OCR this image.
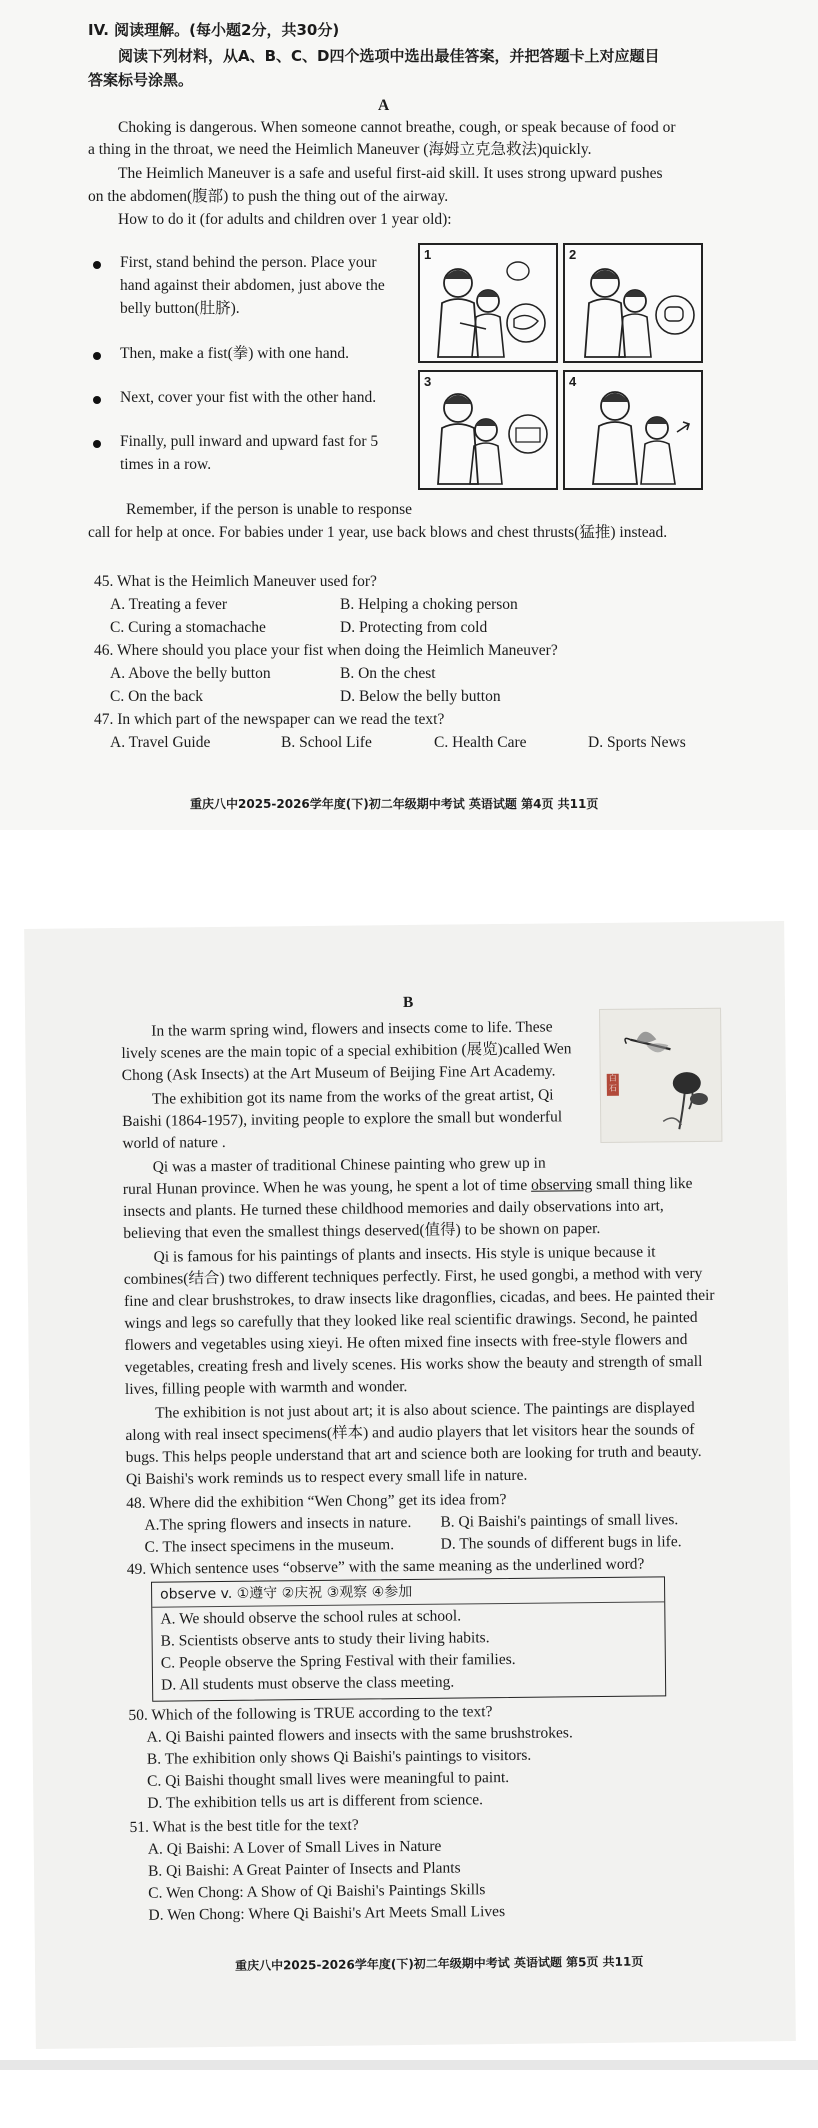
IV. 阅读理解。(每小题2分，共30分)
阅读下列材料，从A、B、C、D四个选项中选出最佳答案，并把答题卡上对应题目
答案标号涂黑。
A
Choking is dangerous. When someone cannot breathe, cough, or speak because of food or
a thing in the throat, we need the Heimlich Maneuver (海姆立克急救法)quickly.
The Heimlich Maneuver is a safe and useful first-aid skill. It uses strong upward pushes
on the abdomen(腹部) to push the thing out of the airway.
How to do it (for adults and children over 1 year old):
First, stand behind the person. Place your
hand against their abdomen, just above the
belly button(肚脐).
Then, make a fist(拳) with one hand.
Next, cover your fist with the other hand.
Finally, pull inward and upward fast for 5
times in a row.
1	2
3	4
Remember, if the person is unable to response
call for help at once. For babies under 1 year, use back blows and chest thrusts(猛推) instead.
45. What is the Heimlich Maneuver used for?
A. Treating a fever	B. Helping a choking person
C. Curing a stomachache	D. Protecting from cold
46. Where should you place your fist when doing the Heimlich Maneuver?
A. Above the belly button	B. On the chest
C. On the back	D. Below the belly button
47. In which part of the newspaper can we read the text?
A. Travel Guide	B. School Life	C. Health Care	D. Sports News
重庆八中2025-2026学年度(下)初二年级期中考试 英语试题 第4页 共11页
B
In the warm spring wind, flowers and insects come to life. These
lively scenes are the main topic of a special exhibition (展览)called Wen
Chong (Ask Insects) at the Art Museum of Beijing Fine Art Academy.
The exhibition got its name from the works of the great artist, Qi
Baishi (1864-1957), inviting people to explore the small but wonderful
world of nature .
白石
Qi was a master of traditional Chinese painting who grew up in
rural Hunan province. When he was young, he spent a lot of time observing small thing like
insects and plants. He turned these childhood memories and daily observations into art,
believing that even the smallest things deserved(值得) to be shown on paper.
Qi is famous for his paintings of plants and insects. His style is unique because it
combines(结合) two different techniques perfectly. First, he used gongbi, a method with very
fine and clear brushstrokes, to draw insects like dragonflies, cicadas, and bees. He painted their
wings and legs so carefully that they looked like real scientific drawings. Second, he painted
flowers and vegetables using xieyi. He often mixed fine insects with free-style flowers and
vegetables, creating fresh and lively scenes. His works show the beauty and strength of small
lives, filling people with warmth and wonder.
The exhibition is not just about art; it is also about science. The paintings are displayed
along with real insect specimens(样本) and audio players that let visitors hear the sounds of
bugs. This helps people understand that art and science both are looking for truth and beauty.
Qi Baishi's work reminds us to respect every small life in nature.
48. Where did the exhibition “Wen Chong” get its idea from?
A.The spring flowers and insects in nature. B. Qi Baishi's paintings of small lives.
C. The insect specimens in the museum.	D. The sounds of different bugs in life.
49. Which sentence uses “observe” with the same meaning as the underlined word?
observe v. ①遵守 ②庆祝 ③观察 ④参加
A. We should observe the school rules at school.
B. Scientists observe ants to study their living habits.
C. People observe the Spring Festival with their families.
D. All students must observe the class meeting.
50. Which of the following is TRUE according to the text?
A. Qi Baishi painted flowers and insects with the same brushstrokes.
B. The exhibition only shows Qi Baishi's paintings to visitors.
C. Qi Baishi thought small lives were meaningful to paint.
D. The exhibition tells us art is different from science.
51. What is the best title for the text?
A. Qi Baishi: A Lover of Small Lives in Nature
B. Qi Baishi: A Great Painter of Insects and Plants
C. Wen Chong: A Show of Qi Baishi's Paintings Skills
D. Wen Chong: Where Qi Baishi's Art Meets Small Lives
重庆八中2025-2026学年度(下)初二年级期中考试 英语试题 第5页 共11页
